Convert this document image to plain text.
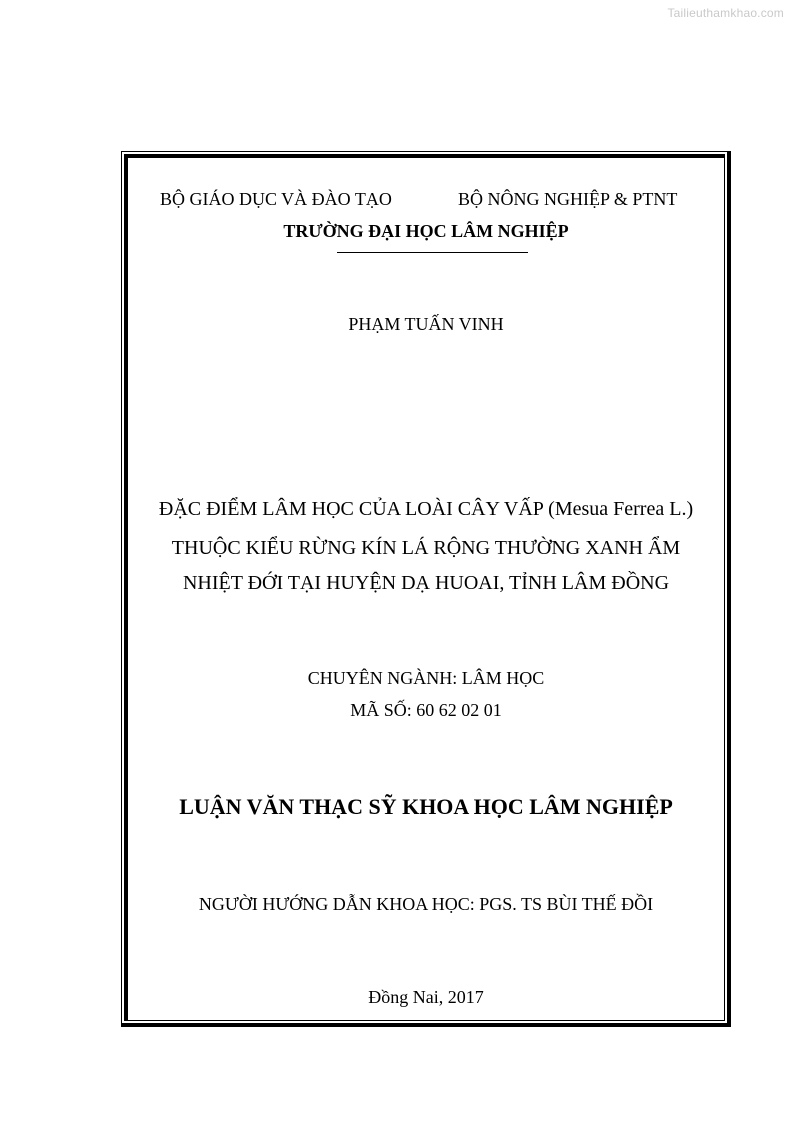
Tailieuthamkhao.com
BỘ GIÁO DỤC VÀ ĐÀO TẠO	BỘ NÔNG NGHIỆP & PTNT
TRƯỜNG ĐẠI HỌC LÂM NGHIỆP
PHẠM TUẤN VINH
ĐẶC ĐIỂM LÂM HỌC CỦA LOÀI CÂY VẤP (Mesua Ferrea L.)
THUỘC KIỂU RỪNG KÍN LÁ RỘNG THƯỜNG XANH ẨM
NHIỆT ĐỚI TẠI HUYỆN DẠ HUOAI, TỈNH LÂM ĐỒNG
CHUYÊN NGÀNH: LÂM HỌC
MÃ SỐ: 60 62 02 01
LUẬN VĂN THẠC SỸ KHOA HỌC LÂM NGHIỆP
NGƯỜI HƯỚNG DẪN KHOA HỌC: PGS. TS BÙI THẾ ĐỒI
Đồng Nai, 2017
